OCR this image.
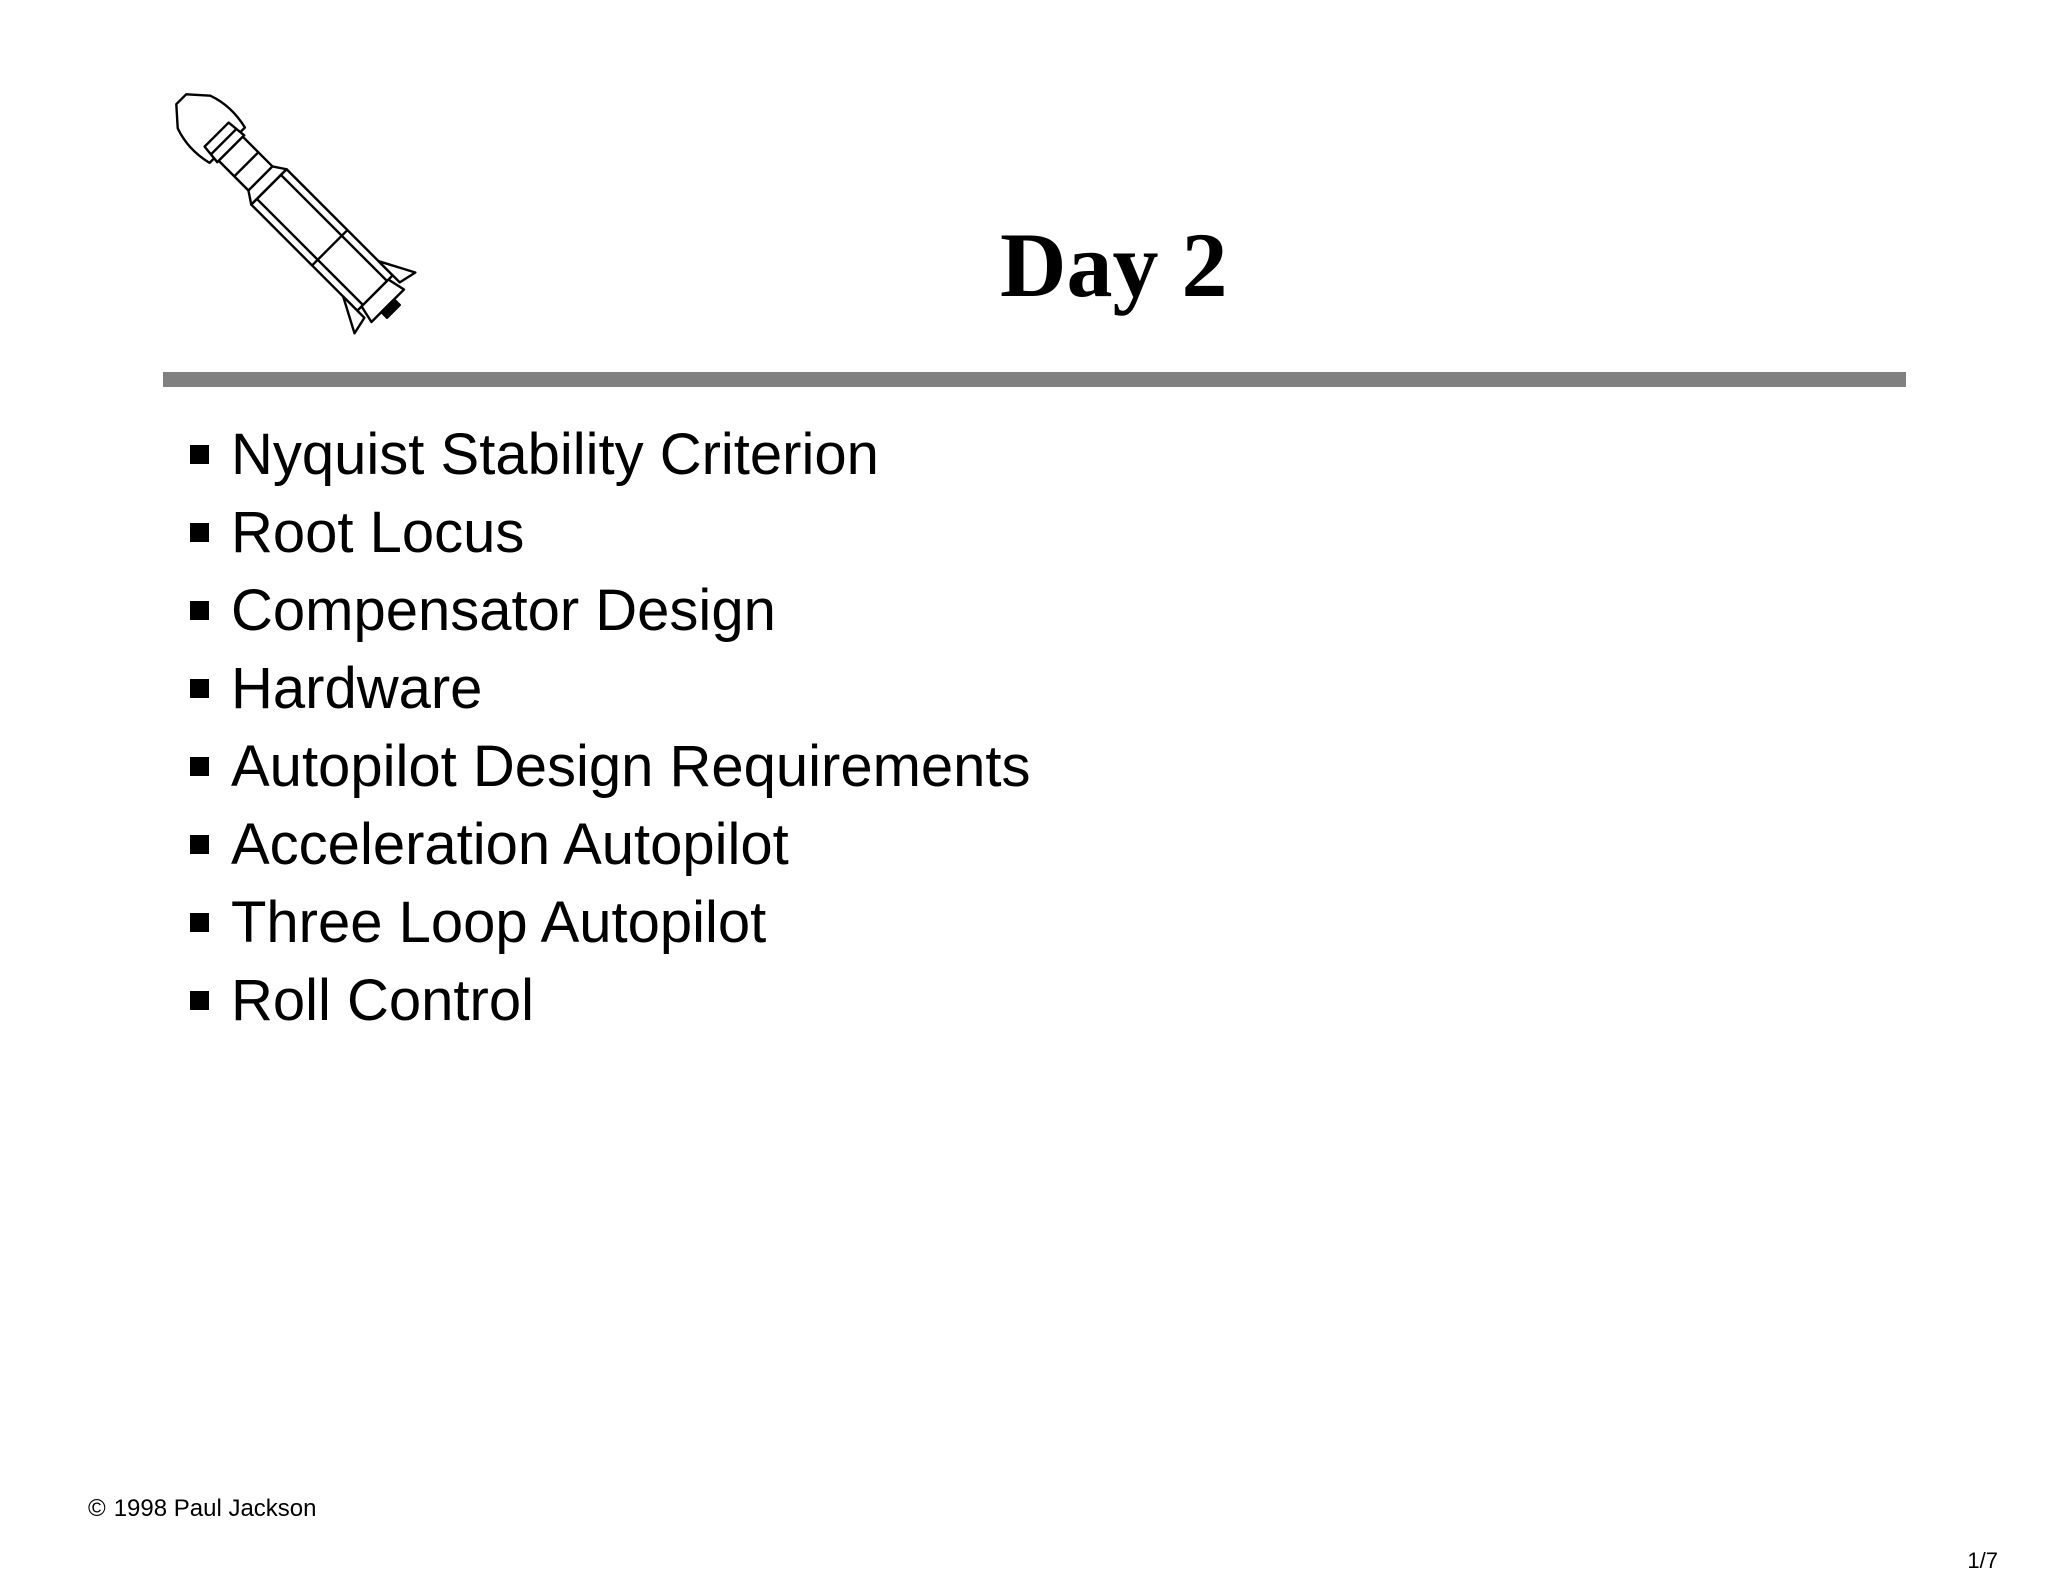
Day 2
Nyquist Stability Criterion
Root Locus
Compensator Design
Hardware
Autopilot Design Requirements
Acceleration Autopilot
Three Loop Autopilot
Roll Control
© 1998 Paul Jackson
1/7
